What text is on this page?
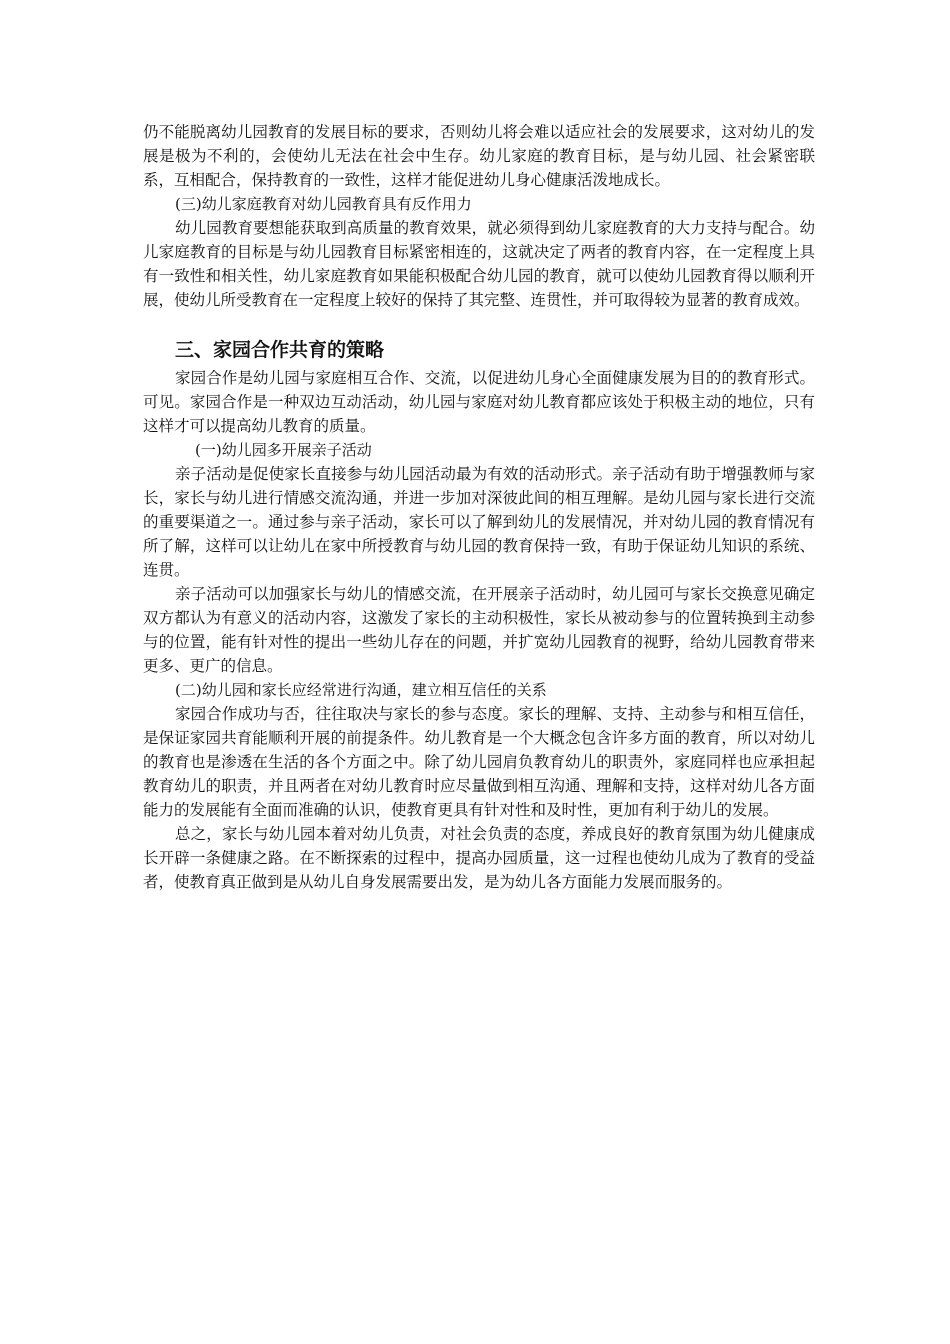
仍不能脱离幼儿园教育的发展目标的要求，否则幼儿将会难以适应社会的发展要求，这对幼儿的发展是极为不利的，会使幼儿无法在社会中生存。幼儿家庭的教育目标，是与幼儿园、社会紧密联系，互相配合，保持教育的一致性，这样才能促进幼儿身心健康活泼地成长。

(三)幼儿家庭教育对幼儿园教育具有反作用力

幼儿园教育要想能获取到高质量的教育效果，就必须得到幼儿家庭教育的大力支持与配合。幼儿家庭教育的目标是与幼儿园教育目标紧密相连的，这就决定了两者的教育内容，在一定程度上具有一致性和相关性，幼儿家庭教育如果能积极配合幼儿园的教育，就可以使幼儿园教育得以顺利开展，使幼儿所受教育在一定程度上较好的保持了其完整、连贯性，并可取得较为显著的教育成效。

三、家园合作共育的策略

家园合作是幼儿园与家庭相互合作、交流，以促进幼儿身心全面健康发展为目的的教育形式。可见。家园合作是一种双边互动活动，幼儿园与家庭对幼儿教育都应该处于积极主动的地位，只有这样才可以提高幼儿教育的质量。

(一)幼儿园多开展亲子活动

亲子活动是促使家长直接参与幼儿园活动最为有效的活动形式。亲子活动有助于增强教师与家长，家长与幼儿进行情感交流沟通，并进一步加对深彼此间的相互理解。是幼儿园与家长进行交流的重要渠道之一。通过参与亲子活动，家长可以了解到幼儿的发展情况，并对幼儿园的教育情况有所了解，这样可以让幼儿在家中所授教育与幼儿园的教育保持一致，有助于保证幼儿知识的系统、连贯。

亲子活动可以加强家长与幼儿的情感交流，在开展亲子活动时，幼儿园可与家长交换意见确定双方都认为有意义的活动内容，这激发了家长的主动积极性，家长从被动参与的位置转换到主动参与的位置，能有针对性的提出一些幼儿存在的问题，并扩宽幼儿园教育的视野，给幼儿园教育带来更多、更广的信息。

(二)幼儿园和家长应经常进行沟通，建立相互信任的关系

家园合作成功与否，往往取决与家长的参与态度。家长的理解、支持、主动参与和相互信任，是保证家园共育能顺利开展的前提条件。幼儿教育是一个大概念包含许多方面的教育，所以对幼儿的教育也是渗透在生活的各个方面之中。除了幼儿园肩负教育幼儿的职责外，家庭同样也应承担起教育幼儿的职责，并且两者在对幼儿教育时应尽量做到相互沟通、理解和支持，这样对幼儿各方面能力的发展能有全面而准确的认识，使教育更具有针对性和及时性，更加有利于幼儿的发展。

总之，家长与幼儿园本着对幼儿负责，对社会负责的态度，养成良好的教育氛围为幼儿健康成长开辟一条健康之路。在不断探索的过程中，提高办园质量，这一过程也使幼儿成为了教育的受益者，使教育真正做到是从幼儿自身发展需要出发，是为幼儿各方面能力发展而服务的。
